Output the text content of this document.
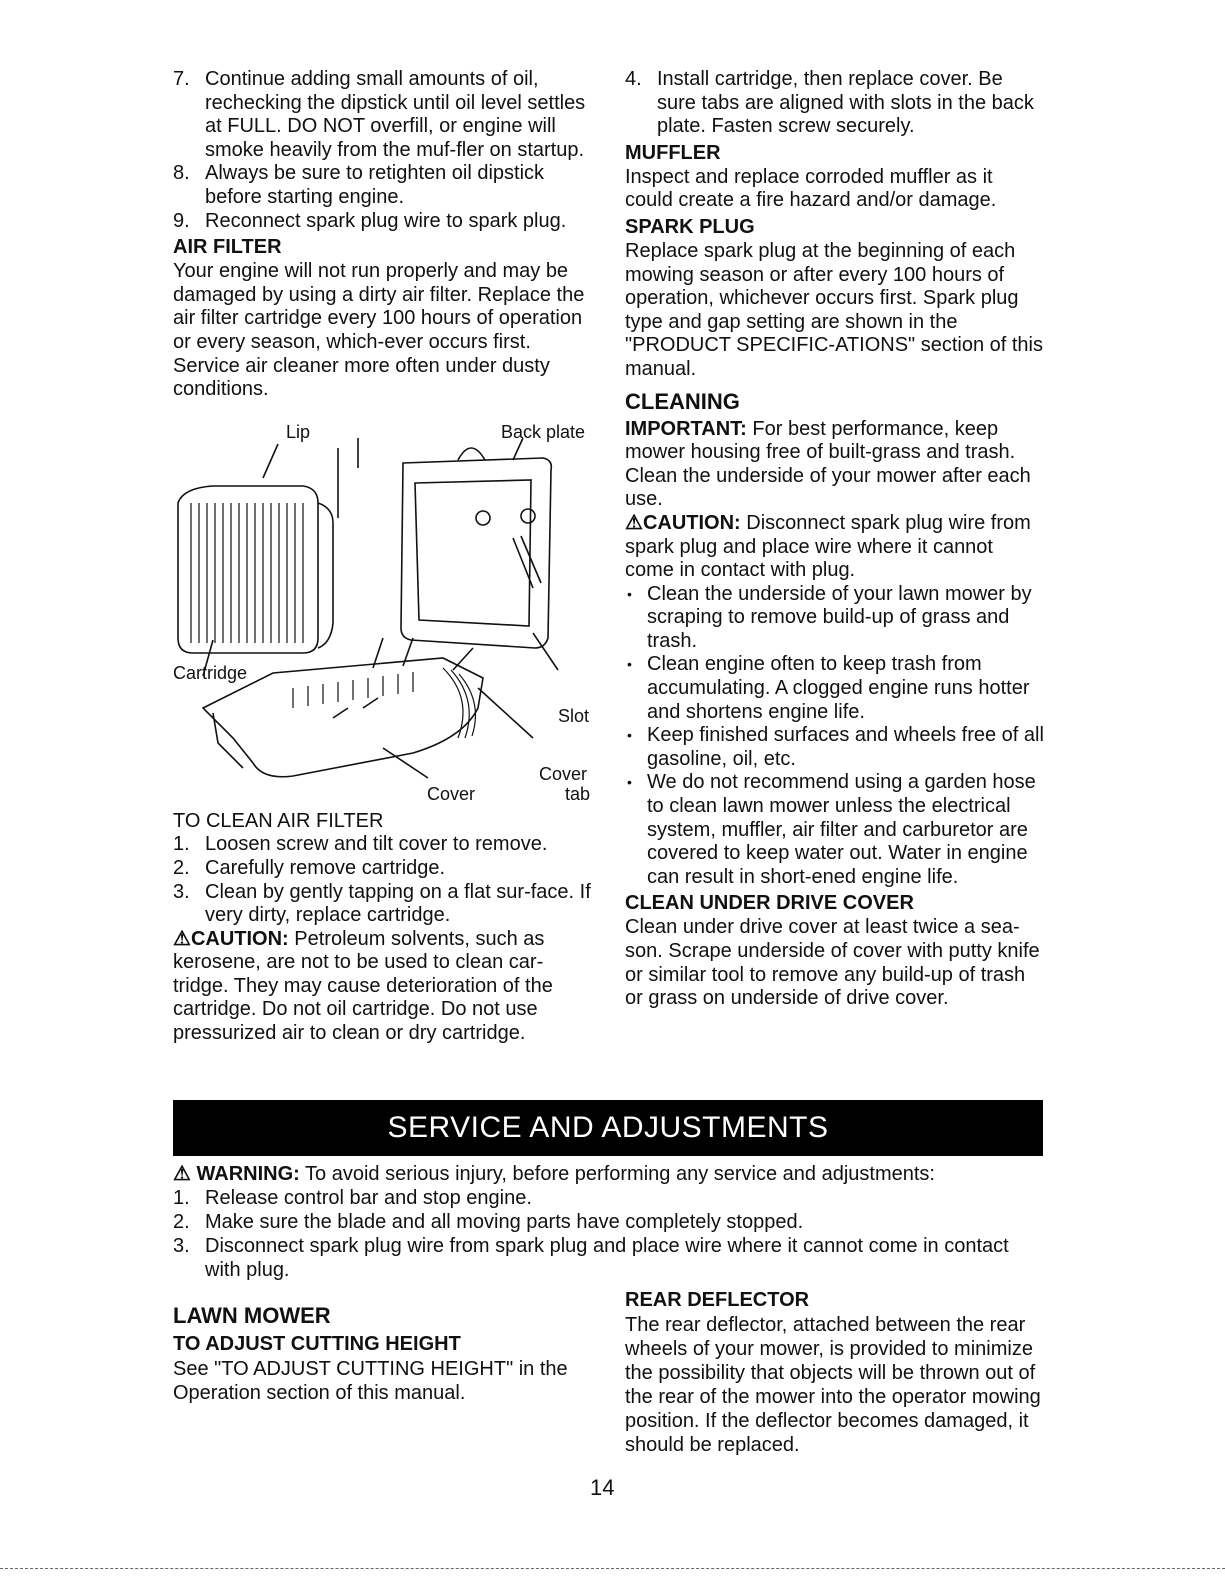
7. Continue adding small amounts of oil, rechecking the dipstick until oil level settles at FULL. DO NOT overfill, or engine will smoke heavily from the muf-fler on startup.
8. Always be sure to retighten oil dipstick before starting engine.
9. Reconnect spark plug wire to spark plug.
AIR FILTER

Your engine will not run properly and may be damaged by using a dirty air filter. Replace the air filter cartridge every 100 hours of operation or every season, which-ever occurs first. Service air cleaner more often under dusty conditions.

Lip	Back plate
Cartridge
Slot
Cover
tab
Cover
TO CLEAN AIR FILTER
1. Loosen screw and tilt cover to remove.
2. Carefully remove cartridge.
3. Clean by gently tapping on a flat sur-face. If very dirty, replace cartridge.

⚠CAUTION: Petroleum solvents, such as kerosene, are not to be used to clean car-tridge. They may cause deterioration of the cartridge. Do not oil cartridge. Do not use pressurized air to clean or dry cartridge.

4. Install cartridge, then replace cover. Be sure tabs are aligned with slots in the back plate. Fasten screw securely.
MUFFLER

Inspect and replace corroded muffler as it could create a fire hazard and/or damage.

SPARK PLUG

Replace spark plug at the beginning of each mowing season or after every 100 hours of operation, whichever occurs first. Spark plug type and gap setting are shown in the "PRODUCT SPECIFIC-ATIONS" section of this manual.

CLEANING

IMPORTANT: For best performance, keep mower housing free of built-grass and trash. Clean the underside of your mower after each use.

⚠CAUTION: Disconnect spark plug wire from spark plug and place wire where it cannot come in contact with plug.

• Clean the underside of your lawn mower by scraping to remove build-up of grass and trash.
• Clean engine often to keep trash from accumulating. A clogged engine runs hotter and shortens engine life.
• Keep finished surfaces and wheels free of all gasoline, oil, etc.
• We do not recommend using a garden hose to clean lawn mower unless the electrical system, muffler, air filter and carburetor are covered to keep water out. Water in engine can result in short-ened engine life.
CLEAN UNDER DRIVE COVER

Clean under drive cover at least twice a sea-son. Scrape underside of cover with putty knife or similar tool to remove any build-up of trash or grass on underside of drive cover.

SERVICE AND ADJUSTMENTS

⚠ WARNING: To avoid serious injury, before performing any service and adjustments:

1. Release control bar and stop engine.
2. Make sure the blade and all moving parts have completely stopped.
3. Disconnect spark plug wire from spark plug and place wire where it cannot come in contact with plug.
LAWN MOWER
TO ADJUST CUTTING HEIGHT

See "TO ADJUST CUTTING HEIGHT" in the Operation section of this manual.

REAR DEFLECTOR

The rear deflector, attached between the rear wheels of your mower, is provided to minimize the possibility that objects will be thrown out of the rear of the mower into the operator mowing position. If the deflector becomes damaged, it should be replaced.

14
